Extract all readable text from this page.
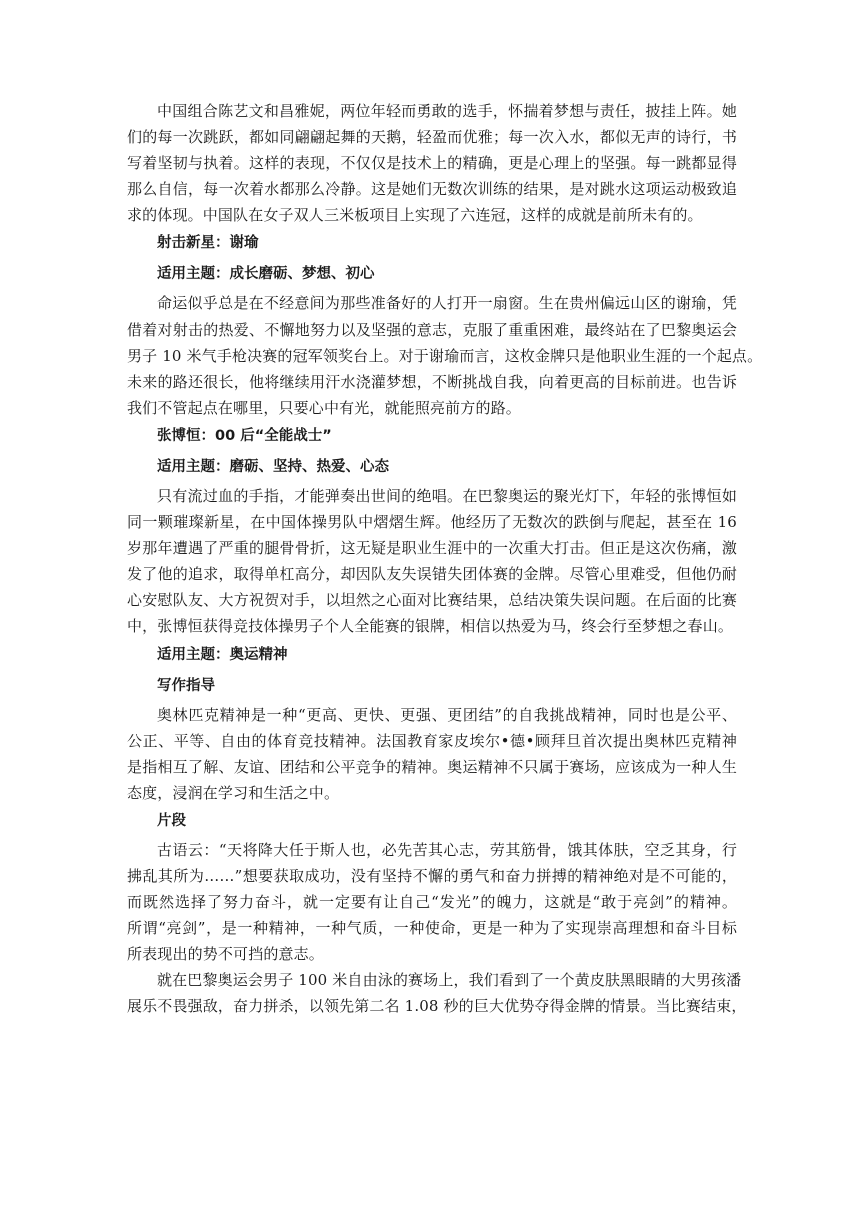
中国组合陈艺文和昌雅妮，两位年轻而勇敢的选手，怀揣着梦想与责任，披挂上阵。她
们的每一次跳跃，都如同翩翩起舞的天鹅，轻盈而优雅；每一次入水，都似无声的诗行，书
写着坚韧与执着。这样的表现，不仅仅是技术上的精确，更是心理上的坚强。每一跳都显得
那么自信，每一次着水都那么冷静。这是她们无数次训练的结果，是对跳水这项运动极致追
求的体现。中国队在女子双人三米板项目上实现了六连冠，这样的成就是前所未有的。

射击新星：谢瑜

适用主题：成长磨砺、梦想、初心

命运似乎总是在不经意间为那些准备好的人打开一扇窗。生在贵州偏远山区的谢瑜，凭
借着对射击的热爱、不懈地努力以及坚强的意志，克服了重重困难，最终站在了巴黎奥运会
男子 10 米气手枪决赛的冠军领奖台上。对于谢瑜而言，这枚金牌只是他职业生涯的一个起点。
未来的路还很长，他将继续用汗水浇灌梦想，不断挑战自我，向着更高的目标前进。也告诉
我们不管起点在哪里，只要心中有光，就能照亮前方的路。

张博恒：00 后“全能战士”

适用主题：磨砺、坚持、热爱、心态

只有流过血的手指，才能弹奏出世间的绝唱。在巴黎奥运的聚光灯下，年轻的张博恒如
同一颗璀璨新星，在中国体操男队中熠熠生辉。他经历了无数次的跌倒与爬起，甚至在 16
岁那年遭遇了严重的腿骨骨折，这无疑是职业生涯中的一次重大打击。但正是这次伤痛，激
发了他的追求，取得单杠高分，却因队友失误错失团体赛的金牌。尽管心里难受，但他仍耐
心安慰队友、大方祝贺对手，以坦然之心面对比赛结果，总结决策失误问题。在后面的比赛
中，张博恒获得竞技体操男子个人全能赛的银牌，相信以热爱为马，终会行至梦想之春山。

适用主题：奥运精神

写作指导

奥林匹克精神是一种“更高、更快、更强、更团结”的自我挑战精神，同时也是公平、
公正、平等、自由的体育竞技精神。法国教育家皮埃尔•德•顾拜旦首次提出奥林匹克精神
是指相互了解、友谊、团结和公平竞争的精神。奥运精神不只属于赛场，应该成为一种人生
态度，浸润在学习和生活之中。

片段

古语云：“天将降大任于斯人也，必先苦其心志，劳其筋骨，饿其体肤，空乏其身，行
拂乱其所为……”想要获取成功，没有坚持不懈的勇气和奋力拼搏的精神绝对是不可能的，
而既然选择了努力奋斗，就一定要有让自己“发光”的魄力，这就是“敢于亮剑”的精神。
所谓“亮剑”，是一种精神，一种气质，一种使命，更是一种为了实现崇高理想和奋斗目标
所表现出的势不可挡的意志。
就在巴黎奥运会男子 100 米自由泳的赛场上，我们看到了一个黄皮肤黑眼睛的大男孩潘
展乐不畏强敌，奋力拼杀，以领先第二名 1.08 秒的巨大优势夺得金牌的情景。当比赛结束，
